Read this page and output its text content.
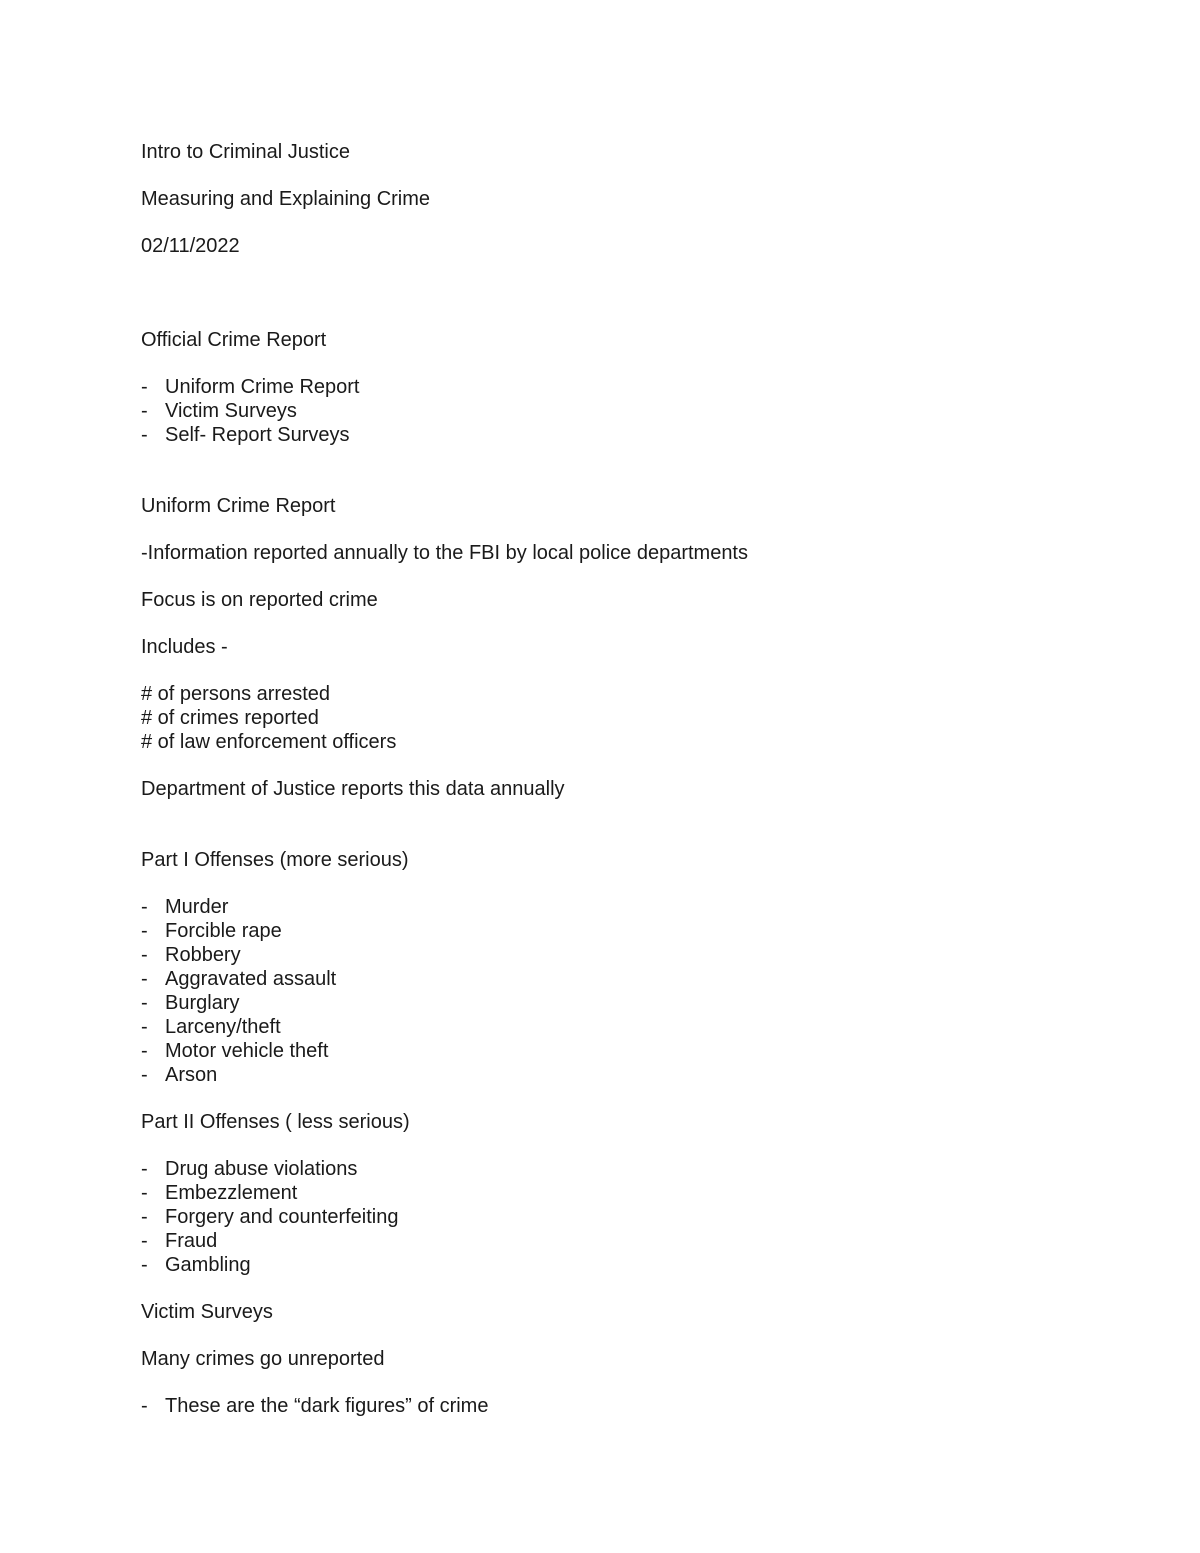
Intro to Criminal Justice

Measuring and Explaining Crime

02/11/2022

Official Crime Report

- Uniform Crime Report
- Victim Surveys
- Self- Report Surveys

Uniform Crime Report

-Information reported annually to the FBI by local police departments

Focus is on reported crime

Includes -

# of persons arrested

# of crimes reported

# of law enforcement officers

Department of Justice reports this data annually

Part I Offenses (more serious)

- Murder
- Forcible rape
- Robbery
- Aggravated assault
- Burglary
- Larceny/theft
- Motor vehicle theft
- Arson

Part II Offenses ( less serious)

- Drug abuse violations
- Embezzlement
- Forgery and counterfeiting
- Fraud
- Gambling

Victim Surveys

Many crimes go unreported

- These are the “dark figures” of crime
